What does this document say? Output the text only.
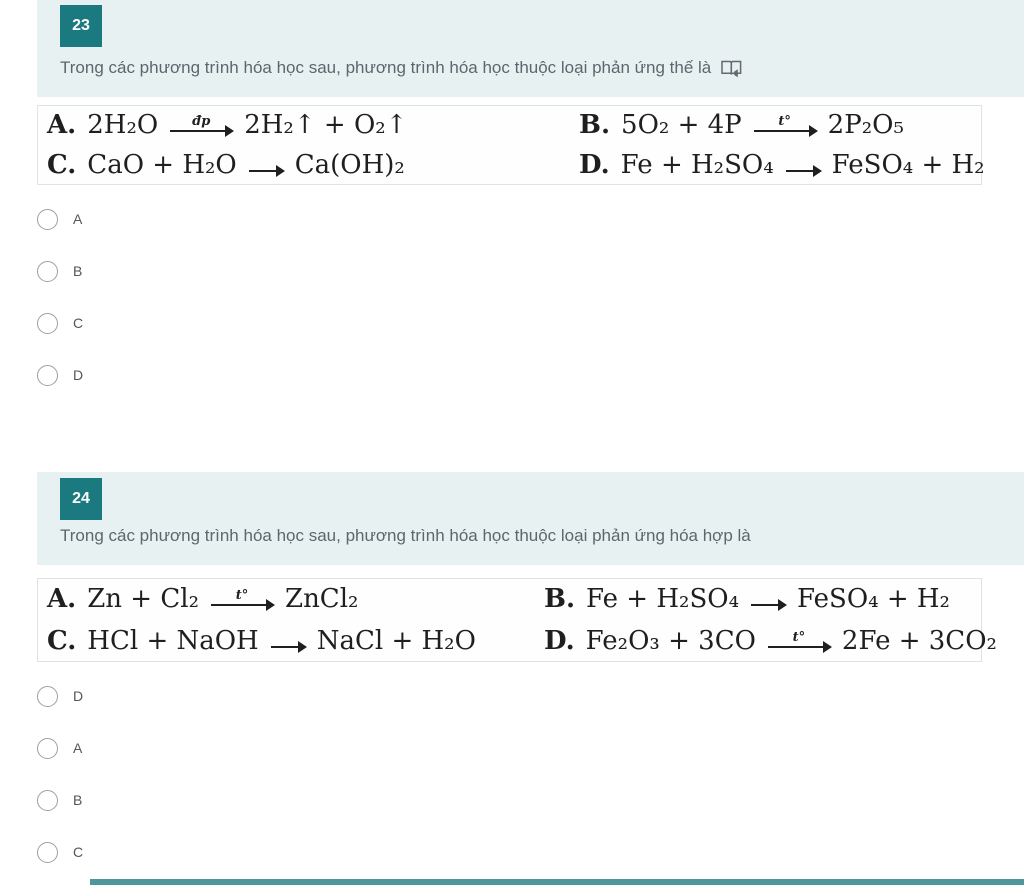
23
Trong các phương trình hóa học sau, phương trình hóa học thuộc loại phản ứng thế là
A. 2H₂O	đp 2H₂↑ + O₂↑	B. 5O₂ + 4P	t° 2P₂O₅
C. CaO + H₂O → Ca(OH)₂	D. Fe + H₂SO₄ → FeSO₄ + H₂
A
B
C
D
24
Trong các phương trình hóa học sau, phương trình hóa học thuộc loại phản ứng hóa hợp là
A. Zn + Cl₂	t° ZnCl₂	B. Fe + H₂SO₄ → FeSO₄ + H₂
C. HCl + NaOH → NaCl + H₂O	D. Fe₂O₃ + 3CO	t° 2Fe + 3CO₂
D
A
B
C
